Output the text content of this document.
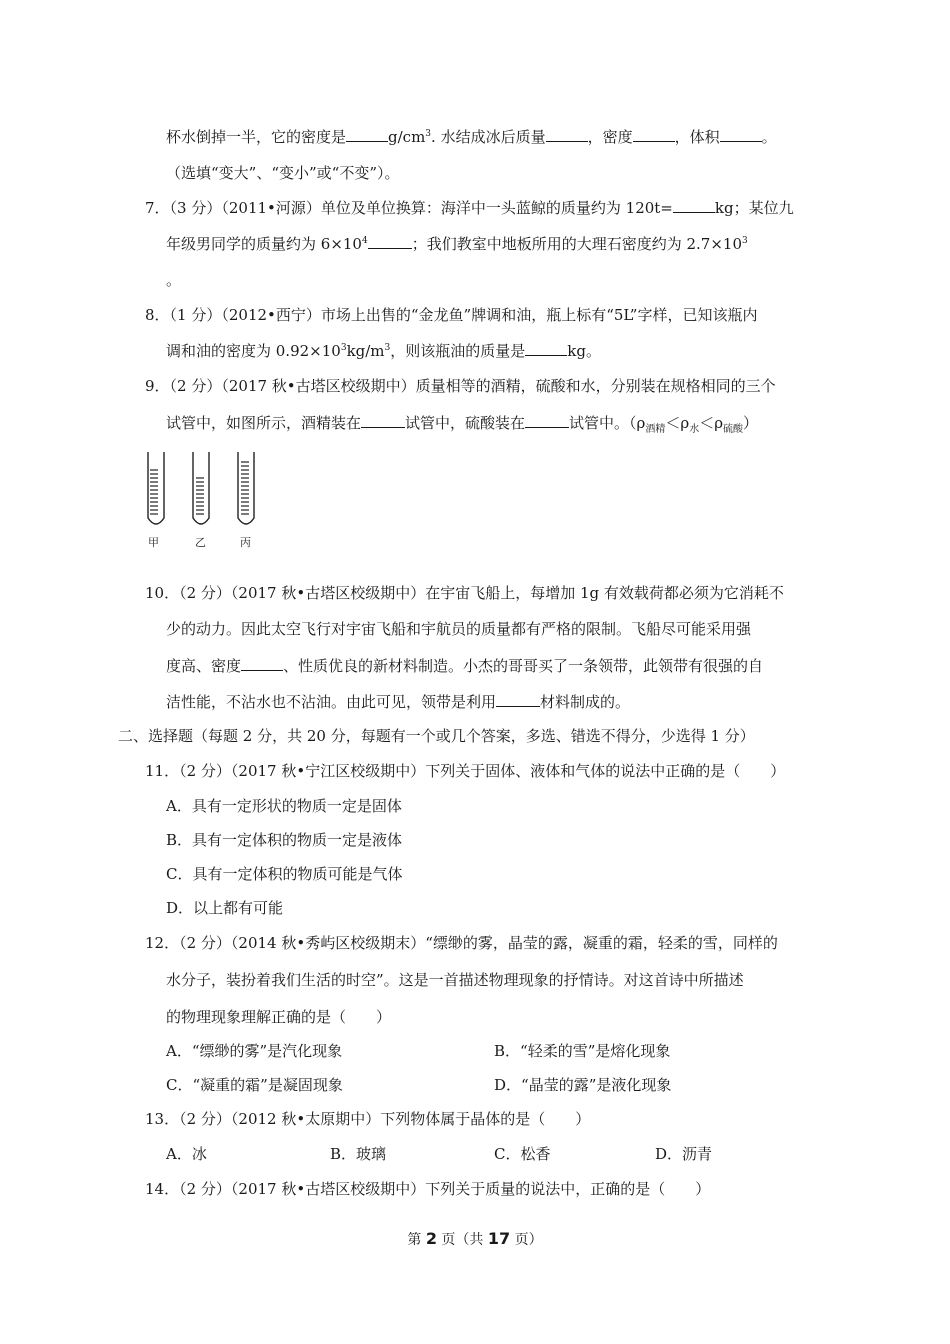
杯水倒掉一半，它的密度是	$g/cm^3$. 水结成冰后质量	，密度	，体积	。
（选填“变大”、“变小”或“不变”）。
7．（3 分）（2011•河源）单位及单位换算：海洋中一头蓝鲸的质量约为 120t=	kg；某位九
年级男同学的质量约为 $6\times 10^4$	；我们教室中地板所用的大理石密度约为 $2.7\times 10^3$
。
8．（1 分）（2012•西宁）市场上出售的“金龙鱼”牌调和油，瓶上标有“5L”字样，已知该瓶内
调和油的密度为 $0.92\times 10^3kg/m^3$，则该瓶油的质量是	kg。
9．（2 分）（2017 秋•古塔区校级期中）质量相等的酒精，硫酸和水，分别装在规格相同的三个
试管中，如图所示，酒精装在	试管中，硫酸装在	试管中。$(\rho_{酒精}<\rho_水<\rho_{硫酸})$
甲	乙	丙
10．（2 分）（2017 秋•古塔区校级期中）在宇宙飞船上，每增加 1g 有效载荷都必须为它消耗不
少的动力。因此太空飞行对宇宙飞船和宇航员的质量都有严格的限制。飞船尽可能采用强
度高、密度	、性质优良的新材料制造。小杰的哥哥买了一条领带，此领带有很强的自
洁性能，不沾水也不沾油。由此可见，领带是利用	材料制成的。
二、选择题（每题 2 分，共 20 分，每题有一个或几个答案，多选、错选不得分，少选得 1 分）
11．（2 分）（2017 秋•宁江区校级期中）下列关于固体、液体和气体的说法中正确的是（　　）
A．具有一定形状的物质一定是固体
B．具有一定体积的物质一定是液体
C．具有一定体积的物质可能是气体
D．以上都有可能
12．（2 分）（2014 秋•秀屿区校级期末）“缥缈的雾，晶莹的露，凝重的霜，轻柔的雪，同样的
水分子，装扮着我们生活的时空”。这是一首描述物理现象的抒情诗。对这首诗中所描述
的物理现象理解正确的是（　　）
A．“缥缈的雾”是汽化现象	B．“轻柔的雪”是熔化现象
C．“凝重的霜”是凝固现象	D．“晶莹的露”是液化现象
13．（2 分）（2012 秋•太原期中）下列物体属于晶体的是（　　）
A．冰	B．玻璃	C．松香	D．沥青
14．（2 分）（2017 秋•古塔区校级期中）下列关于质量的说法中，正确的是（　　）
第 2 页（共 17 页）
